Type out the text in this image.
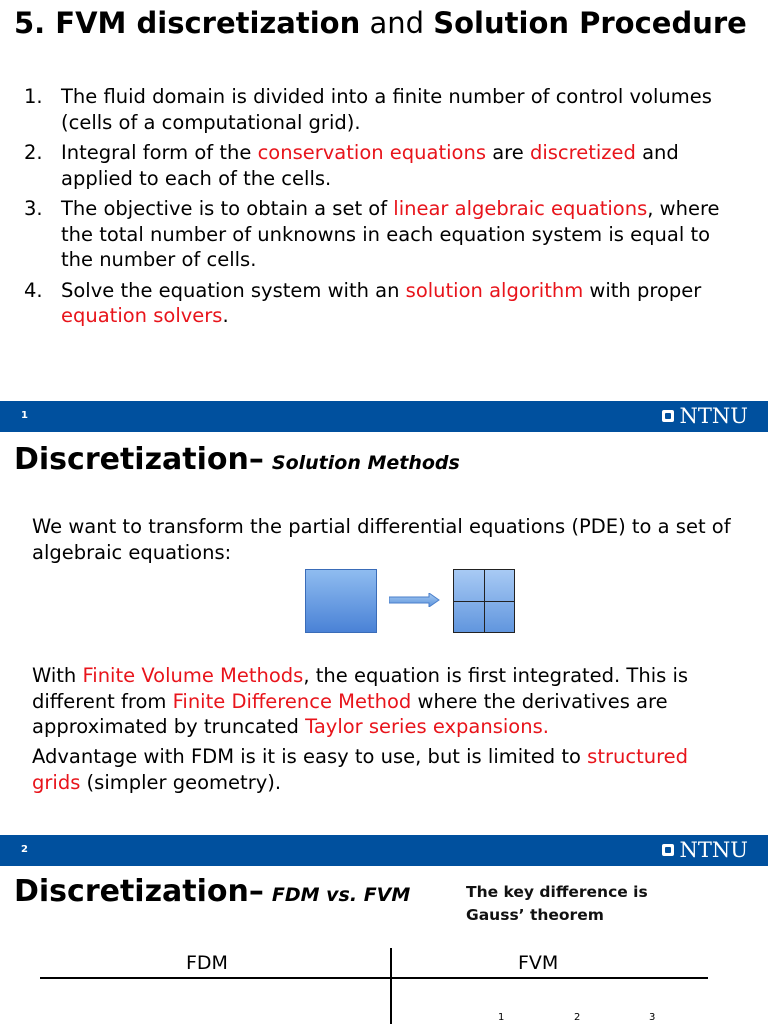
5. FVM discretization and Solution Procedure
1. The fluid domain is divided into a finite number of control volumes (cells of a computational grid).
2. Integral form of the conservation equations are discretized and applied to each of the cells.
3. The objective is to obtain a set of linear algebraic equations, where the total number of unknowns in each equation system is equal to the number of cells.
4. Solve the equation system with an solution algorithm with proper equation solvers.
1	NTNU
Discretization– Solution Methods

We want to transform the partial differential equations (PDE) to a set of algebraic equations:

With Finite Volume Methods, the equation is first integrated. This is different from Finite Difference Method where the derivatives are approximated by truncated Taylor series expansions.

Advantage with FDM is it is easy to use, but is limited to structured grids (simpler geometry).

2	NTNU
Discretization– FDM vs. FVM	The key difference is
Gauss’ theorem
FDM	FVM
1	2	3
